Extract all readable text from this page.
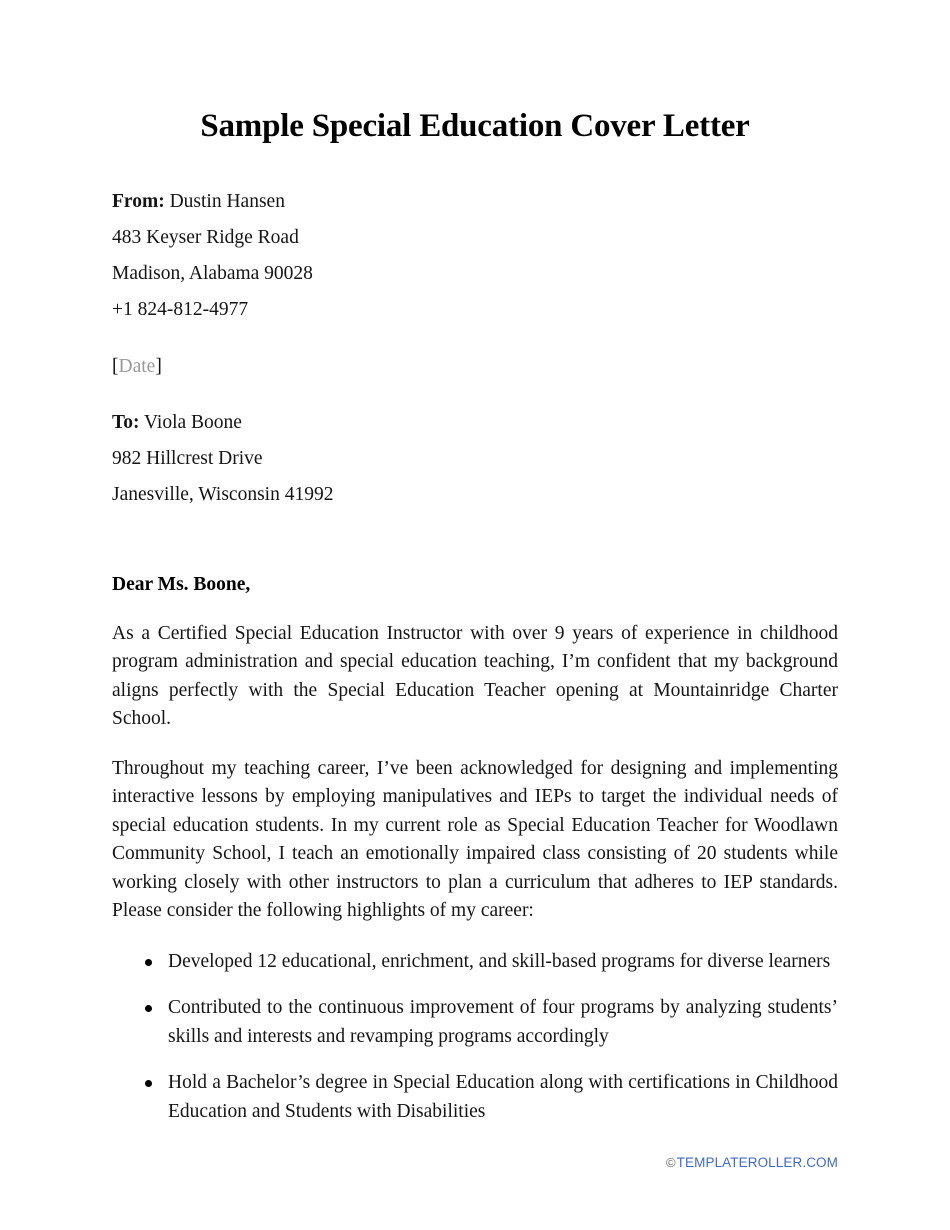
Sample Special Education Cover Letter
From: Dustin Hansen
483 Keyser Ridge Road
Madison, Alabama 90028
+1 824-812-4977
[Date]
To: Viola Boone
982 Hillcrest Drive
Janesville, Wisconsin 41992
Dear Ms. Boone,

As a Certified Special Education Instructor with over 9 years of experience in childhood program administration and special education teaching, I’m confident that my background aligns perfectly with the Special Education Teacher opening at Mountainridge Charter School.

Throughout my teaching career, I’ve been acknowledged for designing and implementing interactive lessons by employing manipulatives and IEPs to target the individual needs of special education students. In my current role as Special Education Teacher for Woodlawn Community School, I teach an emotionally impaired class consisting of 20 students while working closely with other instructors to plan a curriculum that adheres to IEP standards. Please consider the following highlights of my career:

Developed 12 educational, enrichment, and skill-based programs for diverse learners
Contributed to the continuous improvement of four programs by analyzing students’ skills and interests and revamping programs accordingly
Hold a Bachelor’s degree in Special Education along with certifications in Childhood Education and Students with Disabilities
©TEMPLATEROLLER.COM
